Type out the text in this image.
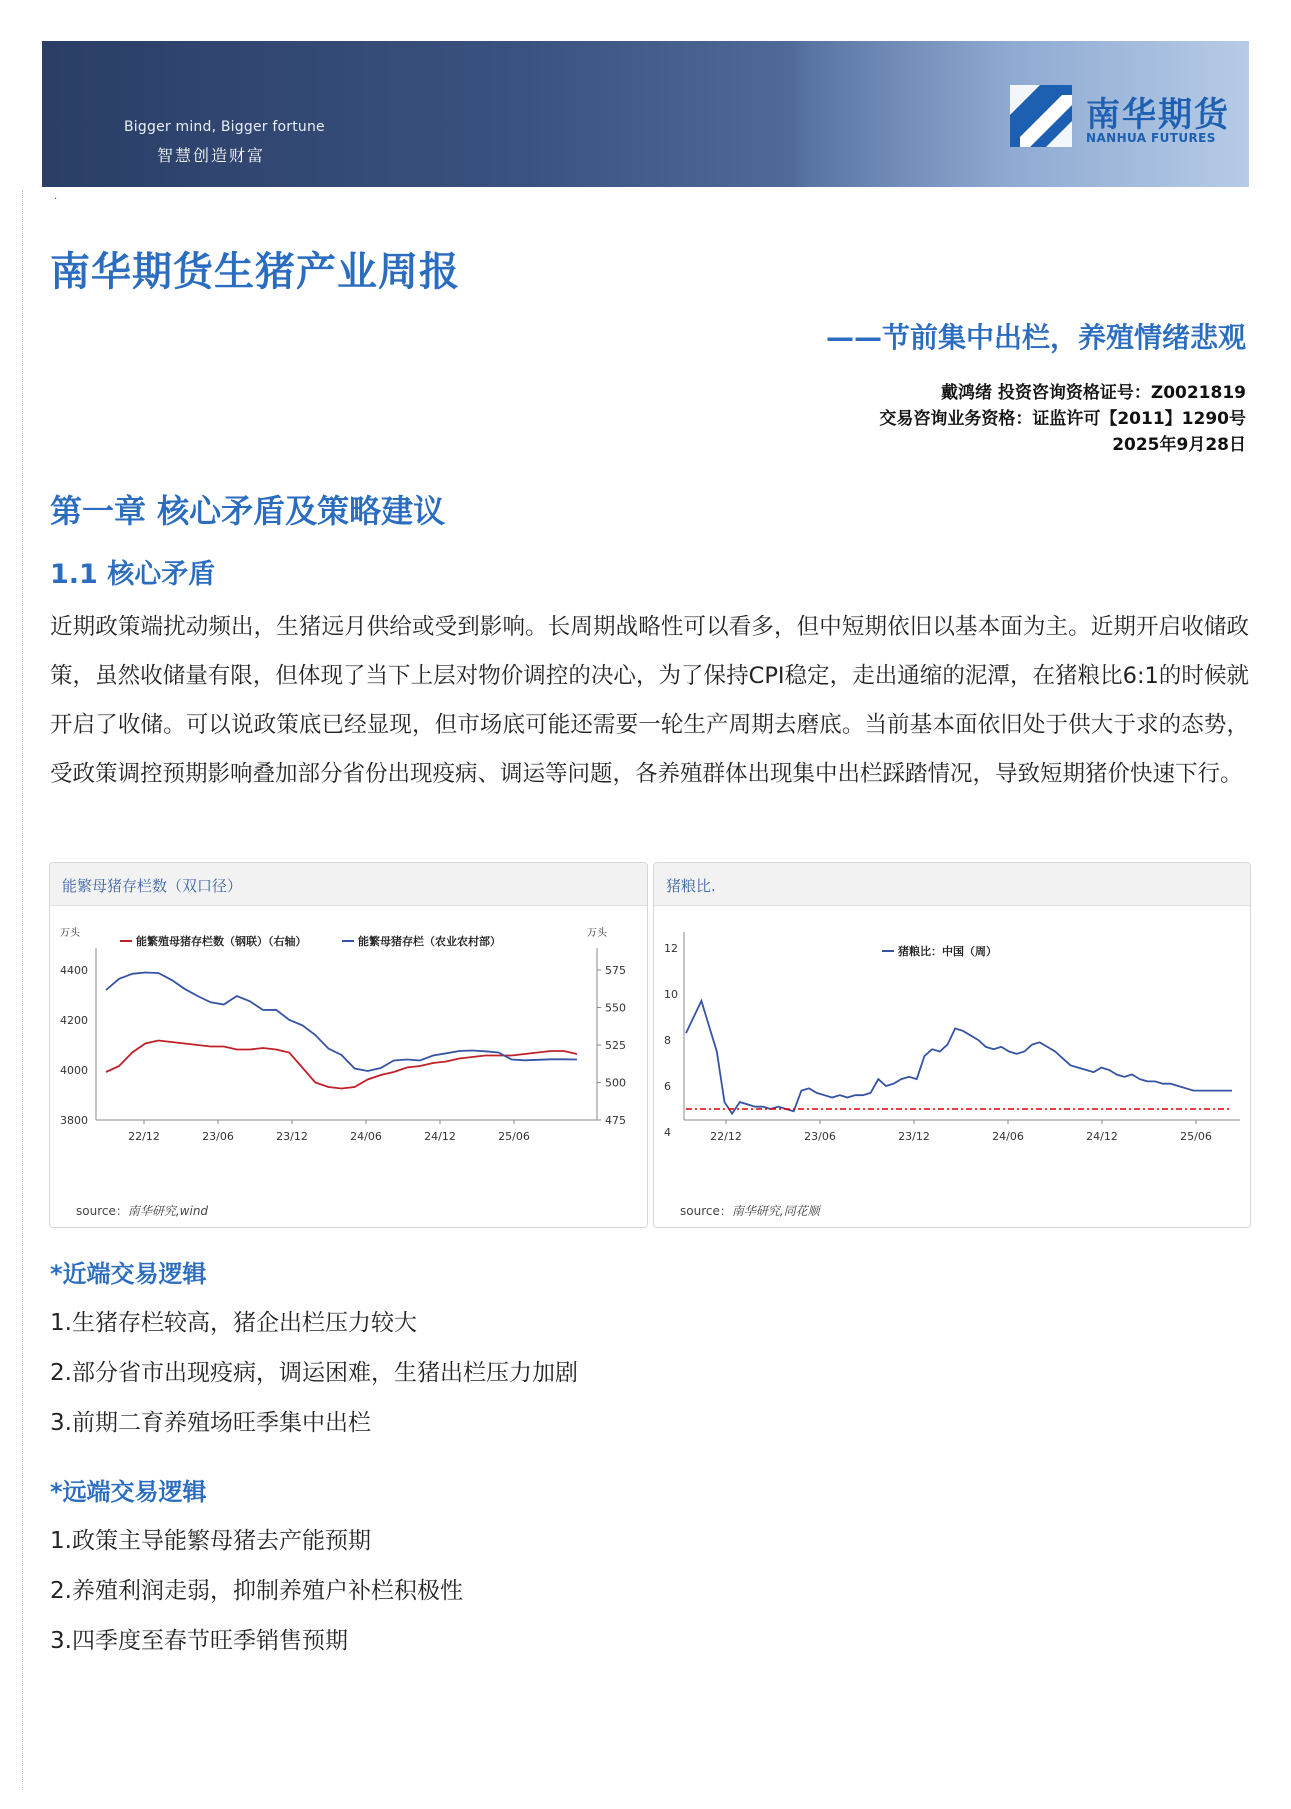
Bigger mind, Bigger fortune
智慧创造财富
南华期货
NANHUA FUTURES
·
南华期货生猪产业周报
——节前集中出栏，养殖情绪悲观
戴鸿绪 投资咨询资格证号：Z0021819
交易咨询业务资格：证监许可【2011】1290号
2025年9月28日
第一章 核心矛盾及策略建议
1.1 核心矛盾
近期政策端扰动频出，生猪远月供给或受到影响。长周期战略性可以看多，但中短期依旧以基本面为主。近期开启收储政策，虽然收储量有限，但体现了当下上层对物价调控的决心，为了保持CPI稳定，走出通缩的泥潭，在猪粮比6:1的时候就开启了收储。可以说政策底已经显现，但市场底可能还需要一轮生产周期去磨底。当前基本面依旧处于供大于求的态势，受政策调控预期影响叠加部分省份出现疫病、调运等问题，各养殖群体出现集中出栏踩踏情况，导致短期猪价快速下行。
能繁母猪存栏数（双口径）
万头	万头
3800
4000
4200
4400
475
500
525
550
575
22/12	23/06	23/12	24/06	24/12	25/06
能繁殖母猪存栏数（钢联）（右轴）	能繁母猪存栏（农业农村部）
source：南华研究,wind
猪粮比.
4
6
8
10
12
22/12	23/06	23/12	24/06	24/12	25/06
猪粮比：中国（周）
source：南华研究,同花顺
*近端交易逻辑
1.生猪存栏较高，猪企出栏压力较大
2.部分省市出现疫病，调运困难，生猪出栏压力加剧
3.前期二育养殖场旺季集中出栏
*远端交易逻辑
1.政策主导能繁母猪去产能预期
2.养殖利润走弱，抑制养殖户补栏积极性
3.四季度至春节旺季销售预期
